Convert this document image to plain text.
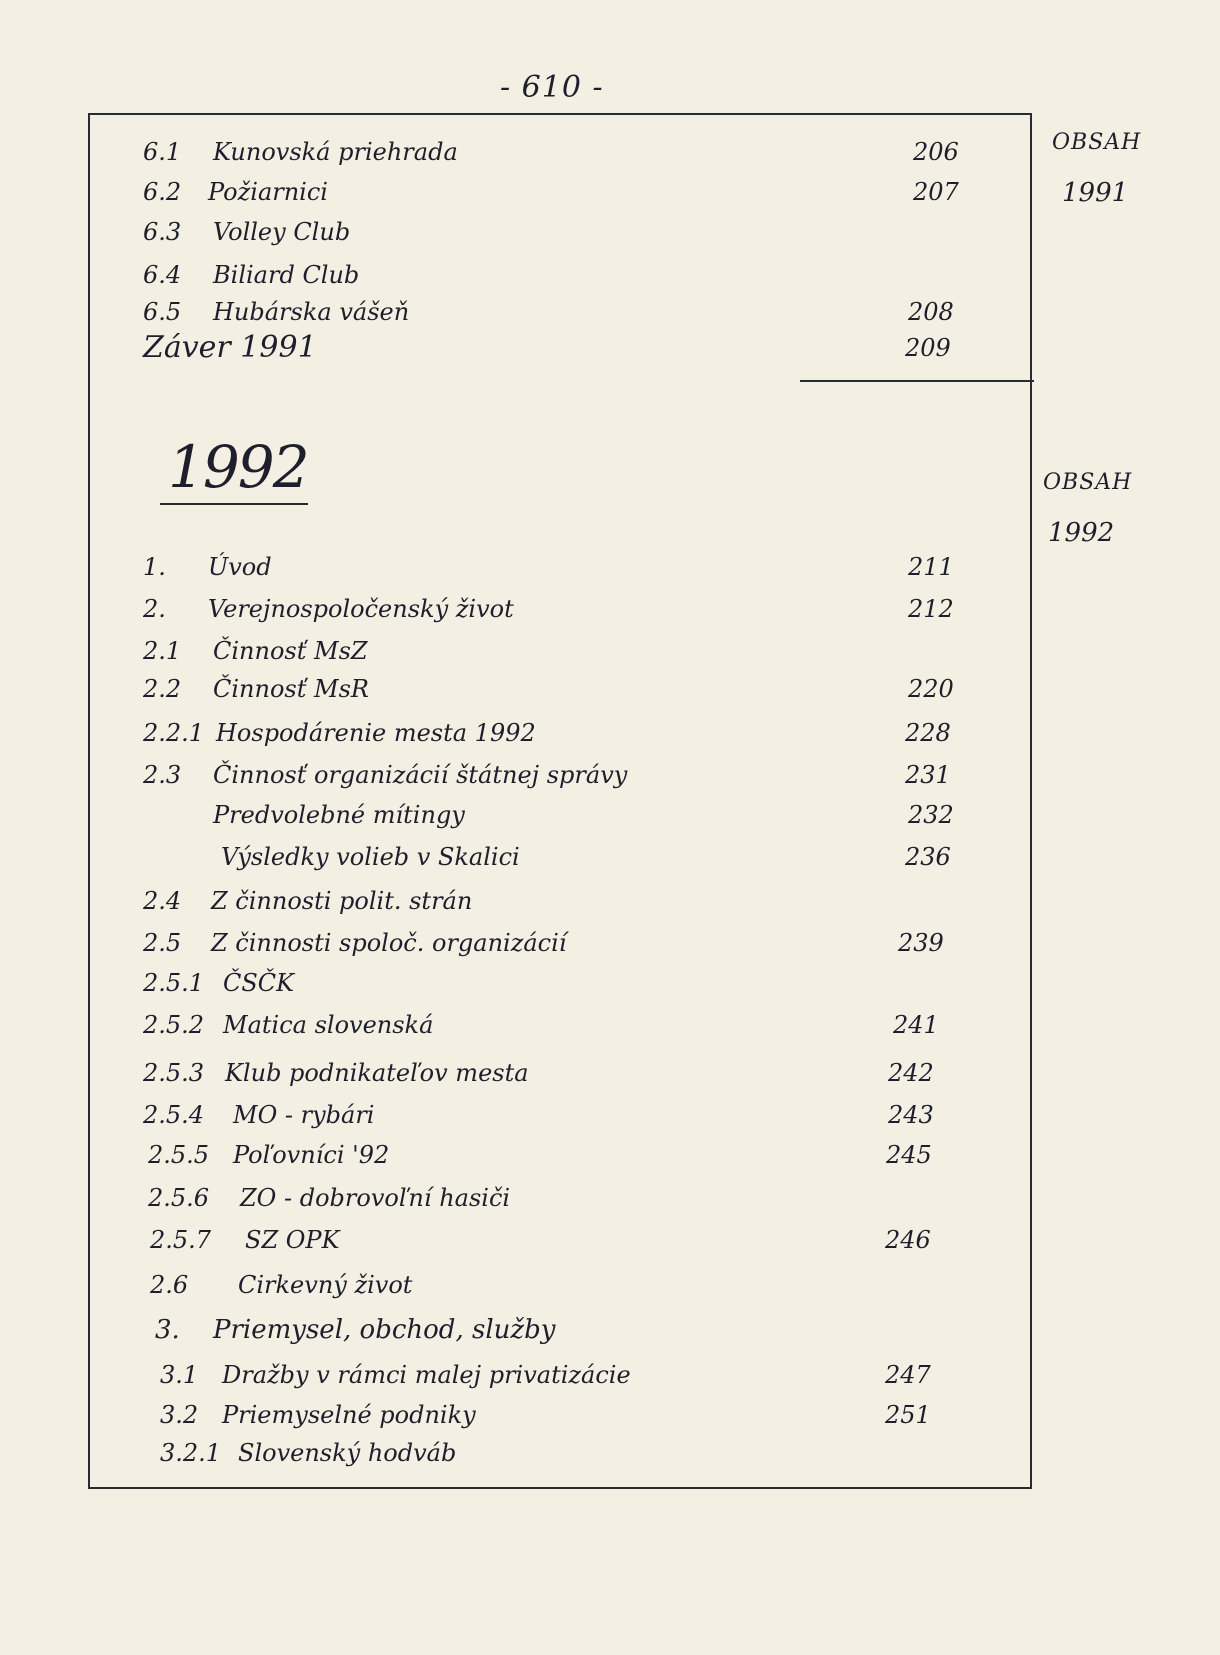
- 610 -
OBSAH
1991
6.1 Kunovská priehrada	206
6.2 Požiarnici	207
6.3 Volley Club
6.4 Biliard Club
6.5 Hubárska vášeň	208
Záver 1991	209
1992	OBSAH
1992
1. Úvod	211
2. Verejnospoločenský život	212
2.1 Činnosť MsZ
2.2 Činnosť MsR	220
2.2.1 Hospodárenie mesta 1992	228
2.3 Činnosť organizácií štátnej správy	231
Predvolebné mítingy	232
Výsledky volieb v Skalici	236
2.4 Z činnosti polit. strán
2.5 Z činnosti spoloč. organizácií	239
2.5.1 ČSČK
2.5.2 Matica slovenská	241
2.5.3 Klub podnikateľov mesta	242
2.5.4 MO - rybári	243
2.5.5 Poľovníci '92	245
2.5.6 ZO - dobrovoľní hasiči
2.5.7 SZ OPK	246
2.6 Cirkevný život
3. Priemysel, obchod, služby
3.1 Dražby v rámci malej privatizácie	247
3.2 Priemyselné podniky	251
3.2.1 Slovenský hodváb
